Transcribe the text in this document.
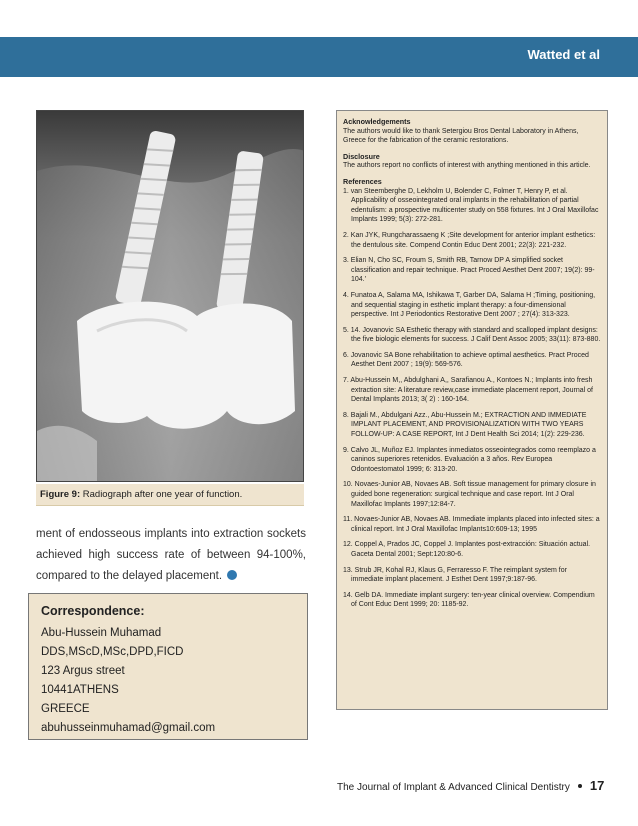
Watted et al
Figure 9: Radiograph after one year of function.

ment of endosseous implants into extraction sockets achieved high success rate of between 94-100%, compared to the delayed placement.

Correspondence:
Abu-Hussein Muhamad
DDS,MScD,MSc,DPD,FICD
123 Argus street
10441ATHENS
GREECE
abuhusseinmuhamad@gmail.com
Acknowledgements

The authors would like to thank Setergiou Bros Dental Laboratory in Athens, Greece for the fabrication of the ceramic restorations.

Disclosure

The authors report no conflicts of interest with anything mentioned in this article.

References
1. van Steemberghe D, Lekholm U, Bolender C, Folmer T, Henry P, et al. Applicability of osseointegrated oral implants in the rehabilitation of partial edentulism: a prospective multicenter study on 558 fixtures. Int J Oral Maxillofac Implants 1999; 5(3): 272-281.
2. Kan JYK, Rungcharassaeng K ;Site development for anterior implant esthetics: the dentulous site. Compend Contin Educ Dent 2001; 22(3): 221-232.
3. Elian N, Cho SC, Froum S, Smith RB, Tarnow DP A simplified socket classification and repair technique. Pract Proced Aesthet Dent 2007; 19(2): 99-104.'
4. Funatoa A, Salama MA, Ishikawa T, Garber DA, Salama H ;Timing, positioning, and sequential staging in esthetic implant therapy: a four-dimensional perspective. Int J Periodontics Restorative Dent 2007 ; 27(4): 313-323.
5. 14. Jovanovic SA Esthetic therapy with standard and scalloped implant designs: the five biologic elements for success. J Calif Dent Assoc 2005; 33(11): 873-880.
6. Jovanovic SA Bone rehabilitation to achieve optimal aesthetics. Pract Proced Aesthet Dent 2007 ; 19(9): 569-576.
7. Abu-Hussein M,, Abdulghani A,, Sarafianou A., Kontoes N.; Implants into fresh extraction site: A literature review,case immediate placement report, Journal of Dental Implants 2013; 3( 2) : 160-164.
8. Bajali M., Abdulgani Azz., Abu-Hussein M.; EXTRACTION AND IMMEDIATE IMPLANT PLACEMENT, AND PROVISIONALIZATION WITH TWO YEARS FOLLOW-UP: A CASE REPORT, Int J Dent Health Sci 2014; 1(2): 229-236.
9. Calvo JL, Muñoz EJ. Implantes inmediatos osseointegrados como reemplazo a caninos superiores retenidos. Evaluación a 3 años. Rev Europea Odontoestomatol 1999; 6: 313-20.
10. Novaes-Junior AB, Novaes AB. Soft tissue management for primary closure in guided bone regeneration: surgical technique and case report. Int J Oral Maxillofac Implants 1997;12:84-7.
11. Novaes-Junior AB, Novaes AB. Immediate implants placed into infected sites: a clinical report. Int J Oral Maxillofac Implants10:609-13; 1995
12. Coppel A, Prados JC, Coppel J. Implantes post-extracción: Situación actual. Gaceta Dental 2001; Sept:120:80-6.
13. Strub JR, Kohal RJ, Klaus G, Ferraresso F. The reimplant system for immediate implant placement. J Esthet Dent 1997;9:187-96.
14. Gelb DA. Immediate implant surgery: ten-year clinical overview. Compendium of Cont Educ Dent 1999; 20: 1185-92.
The Journal of Implant & Advanced Clinical Dentistry 17
